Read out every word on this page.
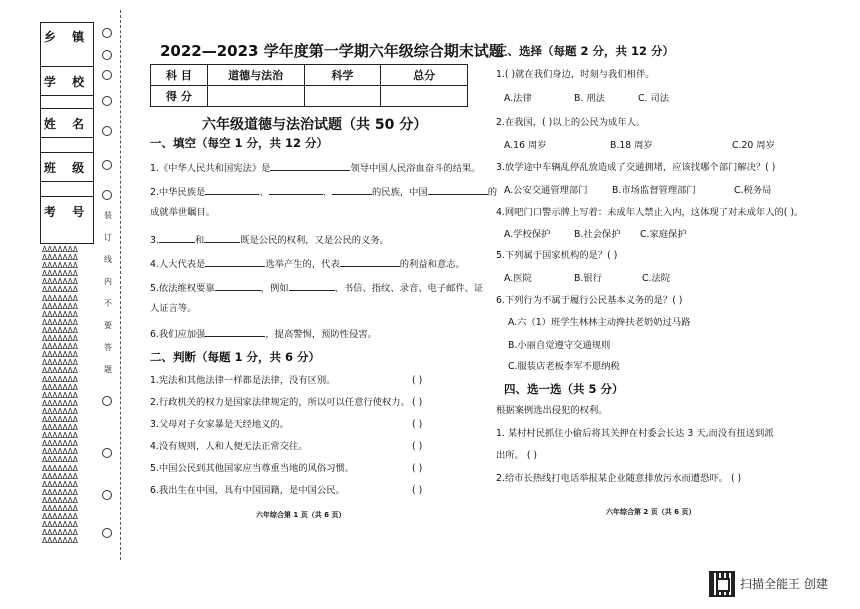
乡 镇
学 校
姓 名
班 级
考 号
ΔΔΔΔΔΔΔ
ΔΔΔΔΔΔΔ
ΔΔΔΔΔΔΔ
ΔΔΔΔΔΔΔ
ΔΔΔΔΔΔΔ
ΔΔΔΔΔΔΔ
ΔΔΔΔΔΔΔ
ΔΔΔΔΔΔΔ
ΔΔΔΔΔΔΔ
ΔΔΔΔΔΔΔ
ΔΔΔΔΔΔΔ
ΔΔΔΔΔΔΔ
ΔΔΔΔΔΔΔ
ΔΔΔΔΔΔΔ
ΔΔΔΔΔΔΔ
ΔΔΔΔΔΔΔ
ΔΔΔΔΔΔΔ
ΔΔΔΔΔΔΔ
ΔΔΔΔΔΔΔ
ΔΔΔΔΔΔΔ
ΔΔΔΔΔΔΔ
ΔΔΔΔΔΔΔ
ΔΔΔΔΔΔΔ
ΔΔΔΔΔΔΔ
ΔΔΔΔΔΔΔ
ΔΔΔΔΔΔΔ
ΔΔΔΔΔΔΔ
ΔΔΔΔΔΔΔ
ΔΔΔΔΔΔΔ
ΔΔΔΔΔΔΔ
ΔΔΔΔΔΔΔ
ΔΔΔΔΔΔΔ
ΔΔΔΔΔΔΔ
ΔΔΔΔΔΔΔ
ΔΔΔΔΔΔΔ
ΔΔΔΔΔΔΔ
ΔΔΔΔΔΔΔ
装
订
线
内
不
要
答
题
2022—2023 学年度第一学期六年级综合期末试题
科 目	道德与法治	科学	总分
得 分			
六年级道德与法治试题（共 50 分）
一、填空（每空 1 分，共 12 分）
1.《中华人民共和国宪法》是	领导中国人民浴血奋斗的结果。
2.中华民族是	、	、	的民族，中国	的
成就举世瞩目。
3.	和	既是公民的权利，又是公民的义务。
4.人大代表是	选举产生的，代表	的利益和意志。
5.依法维权要靠	，例如	、书信、指纹、录音、电子邮件、证
人证言等。
6.我们应加强	，提高警惕，预防性侵害。
二、判断（每题 1 分，共 6 分）
1.宪法和其他法律一样都是法律，没有区别。	( )
2.行政机关的权力是国家法律规定的，所以可以任意行使权力。 ( )
3.父母对子女家暴是天经地义的。	( )
4.没有规则，人和人便无法正常交往。	( )
5.中国公民到其他国家应当尊重当地的风俗习惯。	( )
6.我出生在中国，具有中国国籍，是中国公民。	( )
六年综合第 1 页（共 6 页）
三、选择（每题 2 分，共 12 分）
1.( )就在我们身边，时刻与我们相伴。
A.法律	B. 刑法	C. 司法
2.在我国，( )以上的公民为成年人。
A.16 周岁	B.18 周岁	C.20 周岁
3.放学途中车辆乱停乱放造成了交通拥堵，应该找哪个部门解决？( )
A.公安交通管理部门	B.市场监督管理部门	C.税务局
4.网吧门口警示牌上写着：未成年人禁止入内，这体现了对未成年人的( )。
A.学校保护	B.社会保护 C.家庭保护
5.下列属于国家机构的是？( )
A.医院	B.银行	C.法院
6.下列行为不属于履行公民基本义务的是？( )
A.六（1）班学生林林主动搀扶老奶奶过马路
B.小丽自觉遵守交通规则
C.服装店老板李军不愿纳税
四、选一选（共 5 分）
根据案例选出侵犯的权利。
1. 某村村民抓住小偷后将其关押在村委会长达 3 天,而没有扭送到派
出所。 ( )
2.给市长热线打电话举报某企业随意排放污水而遭恐吓。 ( )
六年综合第 2 页（共 6 页）
扫描全能王 创建
